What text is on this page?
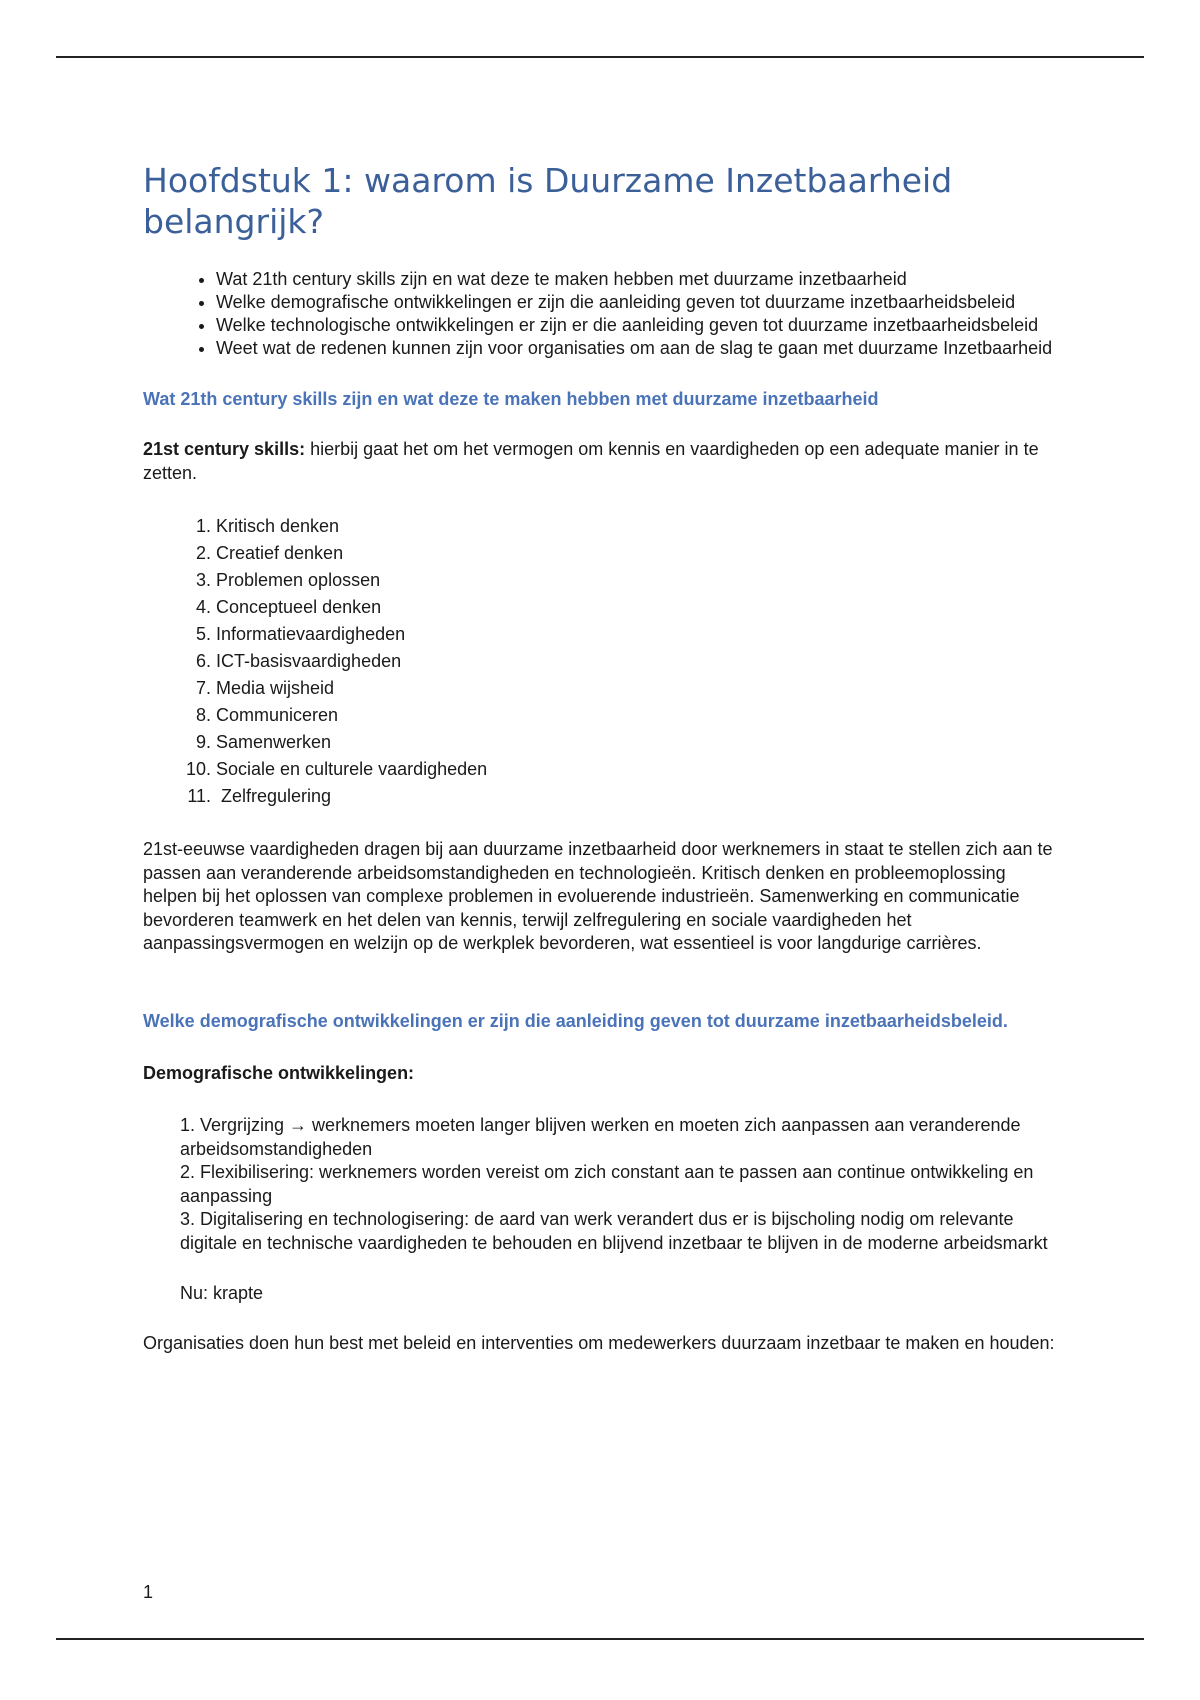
Hoofdstuk 1: waarom is Duurzame Inzetbaarheid belangrijk?
• Wat 21th century skills zijn en wat deze te maken hebben met duurzame inzetbaarheid
• Welke demografische ontwikkelingen er zijn die aanleiding geven tot duurzame inzetbaarheidsbeleid
• Welke technologische ontwikkelingen er zijn er die aanleiding geven tot duurzame inzetbaarheidsbeleid
• Weet wat de redenen kunnen zijn voor organisaties om aan de slag te gaan met duurzame Inzetbaarheid
Wat 21th century skills zijn en wat deze te maken hebben met duurzame inzetbaarheid

21st century skills: hierbij gaat het om het vermogen om kennis en vaardigheden op een adequate manier in te zetten.

1. Kritisch denken
2. Creatief denken
3. Problemen oplossen
4. Conceptueel denken
5. Informatievaardigheden
6. ICT-basisvaardigheden
7. Media wijsheid
8. Communiceren
9. Samenwerken
10. Sociale en culturele vaardigheden
11.  Zelfregulering

21st-eeuwse vaardigheden dragen bij aan duurzame inzetbaarheid door werknemers in staat te stellen zich aan te passen aan veranderende arbeidsomstandigheden en technologieën. Kritisch denken en probleemoplossing helpen bij het oplossen van complexe problemen in evoluerende industrieën. Samenwerking en communicatie bevorderen teamwerk en het delen van kennis, terwijl zelfregulering en sociale vaardigheden het aanpassingsvermogen en welzijn op de werkplek bevorderen, wat essentieel is voor langdurige carrières.

Welke demografische ontwikkelingen er zijn die aanleiding geven tot duurzame inzetbaarheidsbeleid.

Demografische ontwikkelingen:

1. Vergrijzing → werknemers moeten langer blijven werken en moeten zich aanpassen aan veranderende arbeidsomstandigheden
2. Flexibilisering: werknemers worden vereist om zich constant aan te passen aan continue ontwikkeling en aanpassing
3. Digitalisering en technologisering: de aard van werk verandert dus er is bijscholing nodig om relevante digitale en technische vaardigheden te behouden en blijvend inzetbaar te blijven in de moderne arbeidsmarkt

Nu: krapte

Organisaties doen hun best met beleid en interventies om medewerkers duurzaam inzetbaar te maken en houden:

1
